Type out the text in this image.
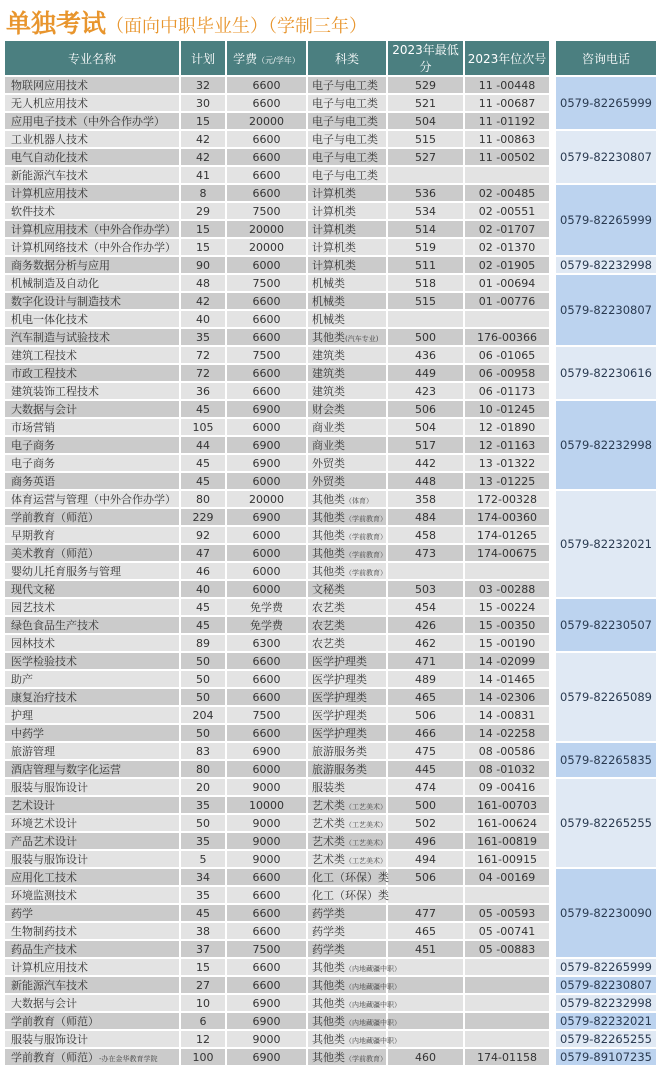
单独考试（面向中职毕业生）（学制三年）
专业名称	计划	学费（元/学年）	科类	2023年最低分	2023年位次号	咨询电话
物联网应用技术	32	6600	电子与电工类	529	11 -00448	0579-82265999
无人机应用技术	30	6600	电子与电工类	521	11 -00687	
应用电子技术（中外合作办学）	15	20000	电子与电工类	504	11 -01192	
工业机器人技术	42	6600	电子与电工类	515	11 -00863	0579-82230807
电气自动化技术	42	6600	电子与电工类	527	11 -00502	
新能源汽车技术	41	6600	电子与电工类			
计算机应用技术	8	6600	计算机类	536	02 -00485	0579-82265999
软件技术	29	7500	计算机类	534	02 -00551	
计算机应用技术（中外合作办学）	15	20000	计算机类	514	02 -01707	
计算机网络技术（中外合作办学）	15	20000	计算机类	519	02 -01370	
商务数据分析与应用	90	6000	计算机类	511	02 -01905	0579-82232998
机械制造及自动化	48	7500	机械类	518	01 -00694	0579-82230807
数字化设计与制造技术	42	6600	机械类	515	01 -00776	
机电一体化技术	40	6600	机械类			
汽车制造与试验技术	35	6600	其他类(汽车专业)	500	176-00366	
建筑工程技术	72	7500	建筑类	436	06 -01065	0579-82230616
市政工程技术	72	6600	建筑类	449	06 -00958	
建筑装饰工程技术	36	6600	建筑类	423	06 -01173	
大数据与会计	45	6900	财会类	506	10 -01245	0579-82232998
市场营销	105	6000	商业类	504	12 -01890	
电子商务	44	6900	商业类	517	12 -01163	
电子商务	45	6900	外贸类	442	13 -01322	
商务英语	45	6000	外贸类	448	13 -01225	
体育运营与管理（中外合作办学）	80	20000	其他类（体育）	358	172-00328	0579-82232021
学前教育（师范）	229	6900	其他类（学前教育）	484	174-00360	
早期教育	92	6000	其他类（学前教育）	458	174-01265	
美术教育（师范）	47	6000	其他类（学前教育）	473	174-00675	
婴幼儿托育服务与管理	46	6000	其他类（学前教育）			
现代文秘	40	6000	文秘类	503	03 -00288	
园艺技术	45	免学费	农艺类	454	15 -00224	0579-82230507
绿色食品生产技术	45	免学费	农艺类	426	15 -00350	
园林技术	89	6300	农艺类	462	15 -00190	
医学检验技术	50	6600	医学护理类	471	14 -02099	0579-82265089
助产	50	6600	医学护理类	489	14 -01465	
康复治疗技术	50	6600	医学护理类	465	14 -02306	
护理	204	7500	医学护理类	506	14 -00831	
中药学	50	6600	医学护理类	466	14 -02258	
旅游管理	83	6900	旅游服务类	475	08 -00586	0579-82265835
酒店管理与数字化运营	80	6000	旅游服务类	445	08 -01032	
服装与服饰设计	20	9000	服装类	474	09 -00416	0579-82265255
艺术设计	35	10000	艺术类（工艺美术）	500	161-00703	
环境艺术设计	50	9000	艺术类（工艺美术）	502	161-00624	
产品艺术设计	35	9000	艺术类（工艺美术）	496	161-00819	
服装与服饰设计	5	9000	艺术类（工艺美术）	494	161-00915	
应用化工技术	34	6600	化工（环保）类	506	04 -00169	0579-82230090
环境监测技术	35	6600	化工（环保）类			
药学	45	6600	药学类	477	05 -00593	
生物制药技术	38	6600	药学类	465	05 -00741	
药品生产技术	37	7500	药学类	451	05 -00883	
计算机应用技术	15	6600	其他类（内地藏疆中职）			0579-82265999
新能源汽车技术	27	6600	其他类（内地藏疆中职）			0579-82230807
大数据与会计	10	6900	其他类（内地藏疆中职）			0579-82232998
学前教育（师范）	6	6900	其他类（内地藏疆中职）			0579-82232021
服装与服饰设计	12	9000	其他类（内地藏疆中职）			0579-82265255
学前教育（师范）-办在金华教育学院	100	6900	其他类（学前教育）	460	174-01158	0579-89107235
